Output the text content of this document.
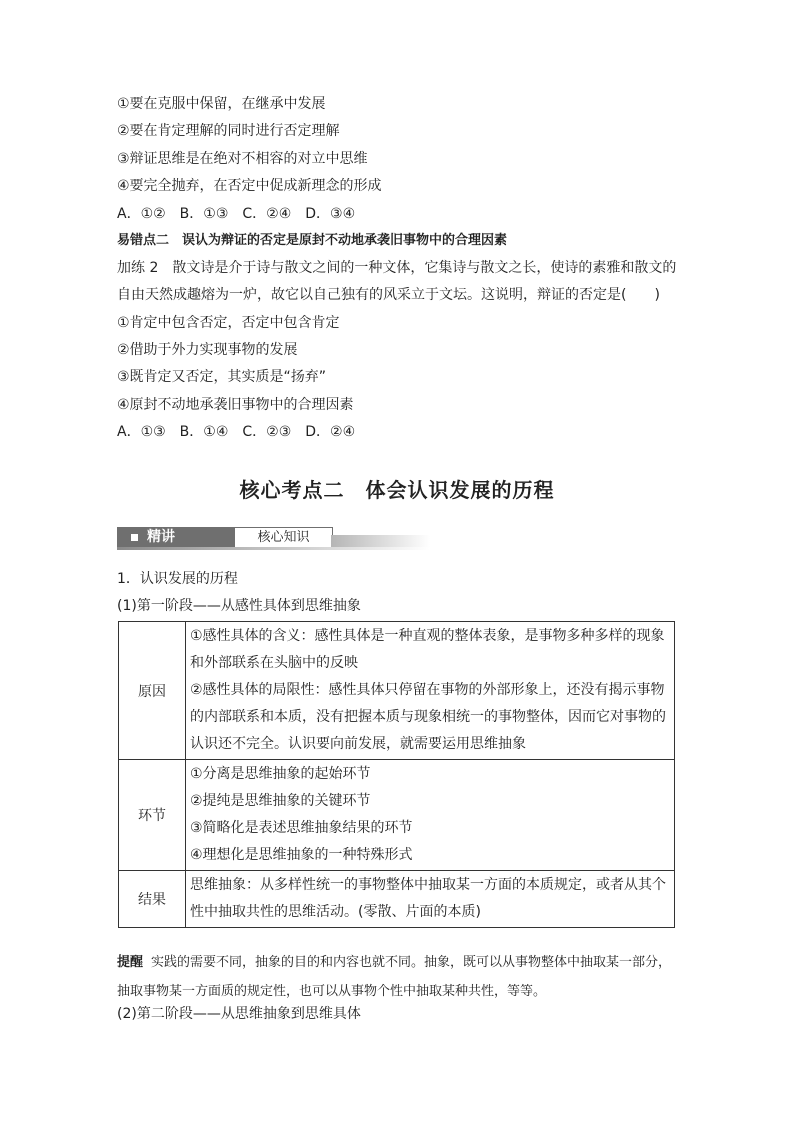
①要在克服中保留，在继承中发展
②要在肯定理解的同时进行否定理解
③辩证思维是在绝对不相容的对立中思维
④要完全抛弃，在否定中促成新理念的形成
A．①②　B．①③　C．②④　D．③④
易错点二　误认为辩证的否定是原封不动地承袭旧事物中的合理因素
加练 2　散文诗是介于诗与散文之间的一种文体，它集诗与散文之长，使诗的素雅和散文的自由天然成趣熔为一炉，故它以自己独有的风采立于文坛。这说明，辩证的否定是(　　)
①肯定中包含否定，否定中包含肯定
②借助于外力实现事物的发展
③既肯定又否定，其实质是“扬弃”
④原封不动地承袭旧事物中的合理因素
A．①③　B．①④　C．②③　D．②④
核心考点二　体会认识发展的历程
精讲	核心知识
1．认识发展的历程
(1)第一阶段——从感性具体到思维抽象
原因	①感性具体的含义：感性具体是一种直观的整体表象，是事物多种多样的现象和外部联系在头脑中的反映
②感性具体的局限性：感性具体只停留在事物的外部形象上，还没有揭示事物的内部联系和本质，没有把握本质与现象相统一的事物整体，因而它对事物的认识还不完全。认识要向前发展，就需要运用思维抽象

环节	①分离是思维抽象的起始环节
②提纯是思维抽象的关键环节
③简略化是表述思维抽象结果的环节
④理想化是思维抽象的一种特殊形式

结果	思维抽象：从多样性统一的事物整体中抽取某一方面的本质规定，或者从其个性中抽取共性的思维活动。(零散、片面的本质)
提醒 实践的需要不同，抽象的目的和内容也就不同。抽象，既可以从事物整体中抽取某一部分，抽取事物某一方面质的规定性，也可以从事物个性中抽取某种共性，等等。
(2)第二阶段——从思维抽象到思维具体
